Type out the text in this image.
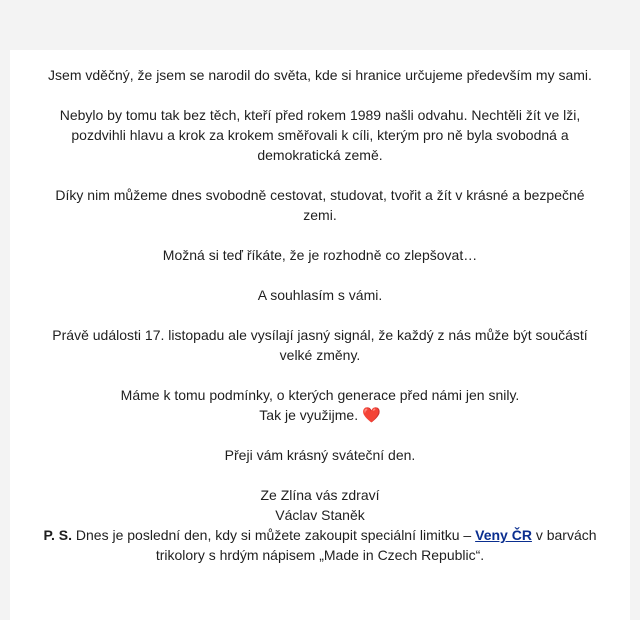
Jsem vděčný, že jsem se narodil do světa, kde si hranice určujeme především my sami.

Nebylo by tomu tak bez těch, kteří před rokem 1989 našli odvahu. Nechtěli žít ve lži, pozdvihli hlavu a krok za krokem směřovali k cíli, kterým pro ně byla svobodná a demokratická země.

Díky nim můžeme dnes svobodně cestovat, studovat, tvořit a žít v krásné a bezpečné zemi.

Možná si teď říkáte, že je rozhodně co zlepšovat…

A souhlasím s vámi.

Právě události 17. listopadu ale vysílají jasný signál, že každý z nás může být součástí velké změny.

Máme k tomu podmínky, o kterých generace před námi jen snily.
Tak je využijme. ❤️

Přeji vám krásný sváteční den.

Ze Zlína vás zdraví
Václav Staněk

P. S. Dnes je poslední den, kdy si můžete zakoupit speciální limitku – Veny ČR v barvách trikolory s hrdým nápisem „Made in Czech Republic“.
